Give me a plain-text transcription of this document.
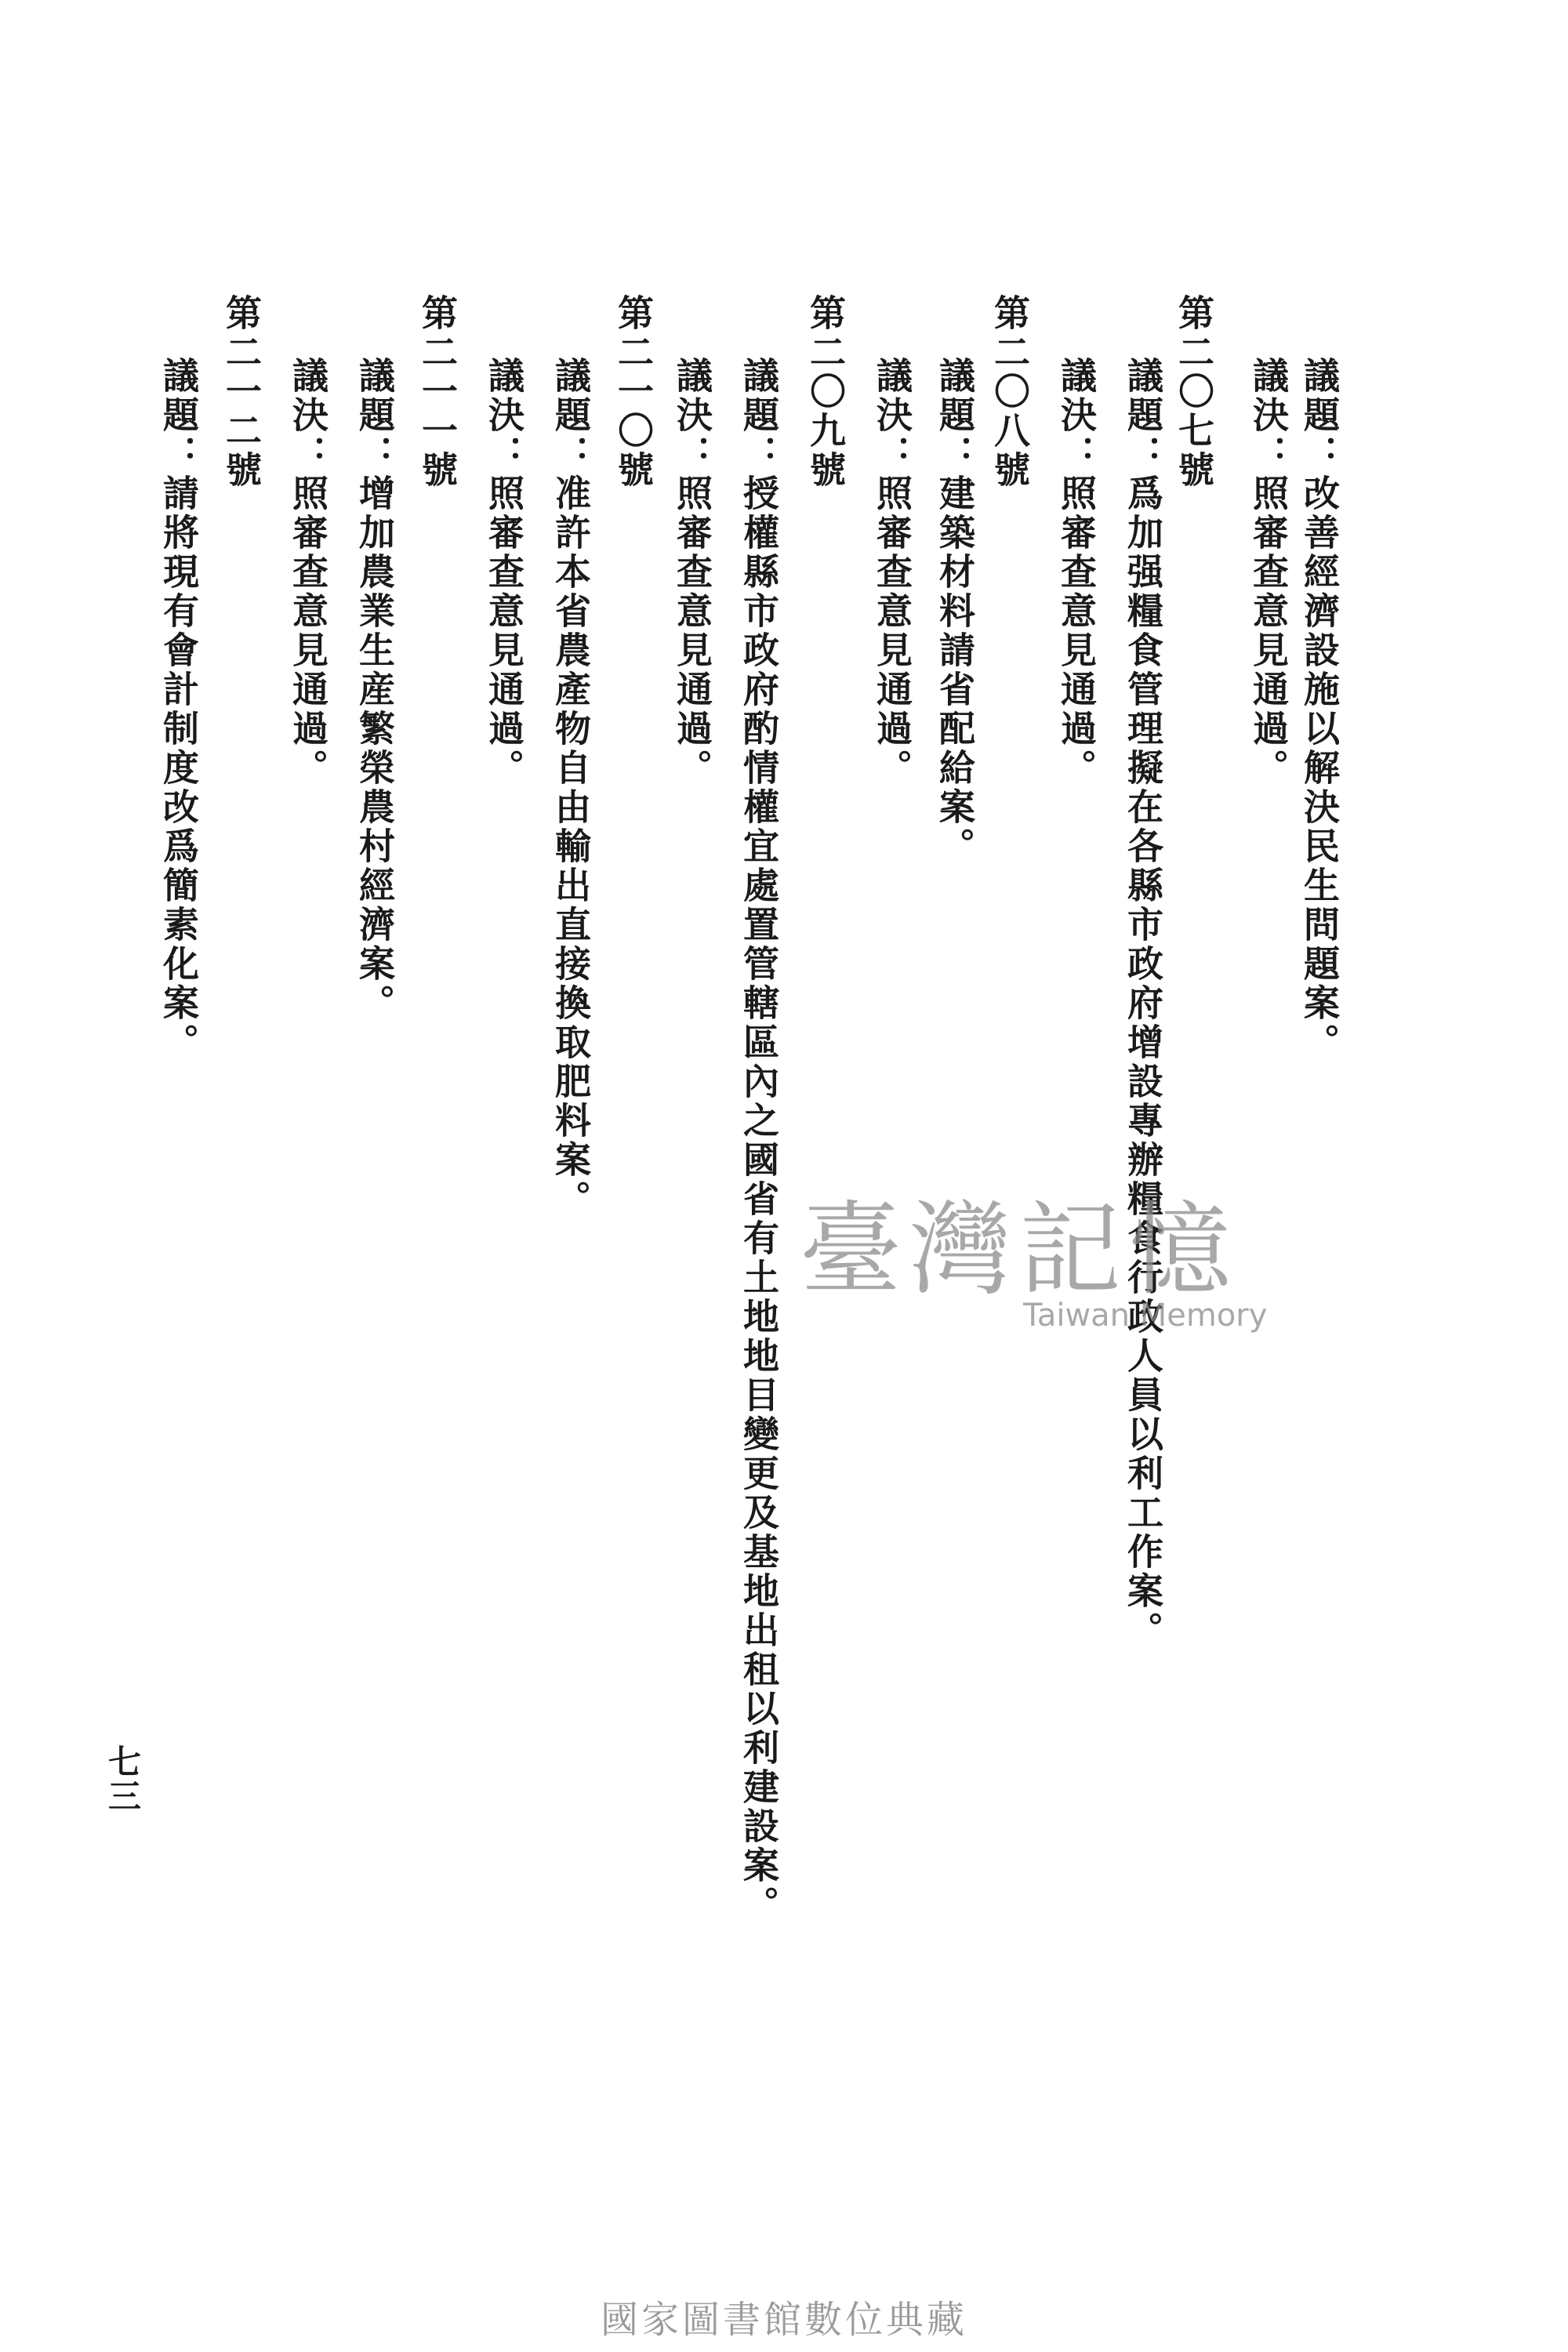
議題：改善經濟設施以解決民生問題案。
議決：照審查意見通過。
第二〇七號
議題：爲加强糧食管理擬在各縣市政府增設專辦糧食行政人員以利工作案。
議決：照審查意見通過。
第二〇八號
議題：建築材料請省配給案。
議決：照審查意見通過。
第二〇九號
議題：授權縣市政府酌情權宜處置管轄區內之國省有土地地目變更及基地出租以利建設案。
議決：照審查意見通過。
第二一〇號
議題：准許本省農產物自由輸出直接換取肥料案。
議決：照審查意見通過。
第二一一號
議題：增加農業生産繁榮農村經濟案。
議決：照審查意見通過。
第二一二號
議題：請將現有會計制度改爲簡素化案。
七三
臺灣記憶
Taiwan Memory
國家圖書館數位典藏
